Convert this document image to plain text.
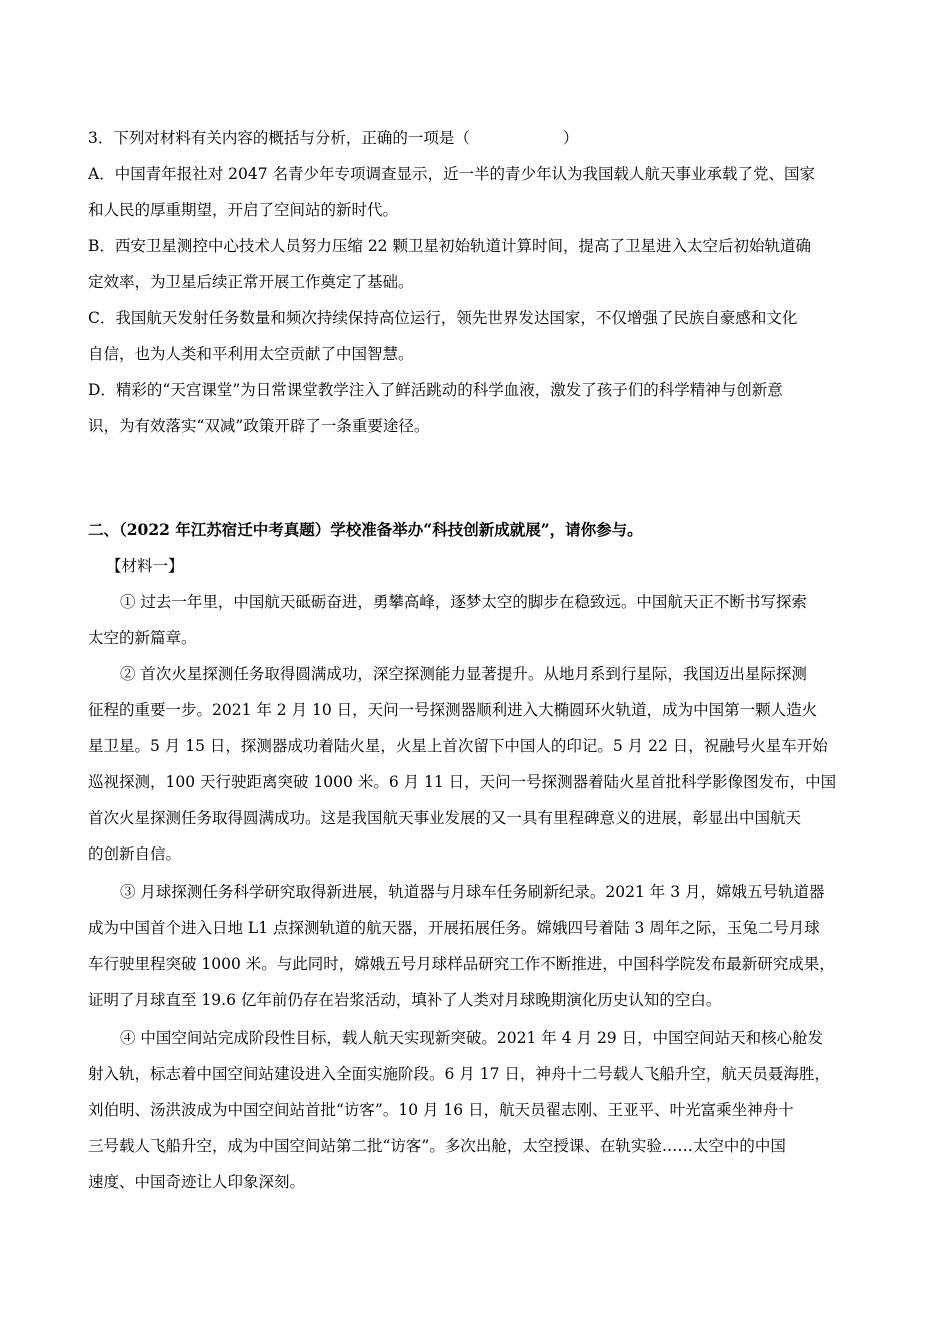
3．下列对材料有关内容的概括与分析，正确的一项是（　　　　　　）
A．中国青年报社对 2047 名青少年专项调查显示，近一半的青少年认为我国载人航天事业承载了党、国家
和人民的厚重期望，开启了空间站的新时代。
B．西安卫星测控中心技术人员努力压缩 22 颗卫星初始轨道计算时间，提高了卫星进入太空后初始轨道确
定效率，为卫星后续正常开展工作奠定了基础。
C．我国航天发射任务数量和频次持续保持高位运行，领先世界发达国家，不仅增强了民族自豪感和文化
自信，也为人类和平利用太空贡献了中国智慧。
D．精彩的“天宫课堂”为日常课堂教学注入了鲜活跳动的科学血液，激发了孩子们的科学精神与创新意
识，为有效落实“双减”政策开辟了一条重要途径。
二、（2022 年江苏宿迁中考真题）学校准备举办“科技创新成就展”，请你参与。
【材料一】
① 过去一年里，中国航天砥砺奋进，勇攀高峰，逐梦太空的脚步在稳致远。中国航天正不断书写探索
太空的新篇章。
② 首次火星探测任务取得圆满成功，深空探测能力显著提升。从地月系到行星际，我国迈出星际探测
征程的重要一步。2021 年 2 月 10 日，天问一号探测器顺利进入大椭圆环火轨道，成为中国第一颗人造火
星卫星。5 月 15 日，探测器成功着陆火星，火星上首次留下中国人的印记。5 月 22 日，祝融号火星车开始
巡视探测，100 天行驶距离突破 1000 米。6 月 11 日，天问一号探测器着陆火星首批科学影像图发布，中国
首次火星探测任务取得圆满成功。这是我国航天事业发展的又一具有里程碑意义的进展，彰显出中国航天
的创新自信。
③ 月球探测任务科学研究取得新进展，轨道器与月球车任务刷新纪录。2021 年 3 月，嫦娥五号轨道器
成为中国首个进入日地 L1 点探测轨道的航天器，开展拓展任务。嫦娥四号着陆 3 周年之际，玉兔二号月球
车行驶里程突破 1000 米。与此同时，嫦娥五号月球样品研究工作不断推进，中国科学院发布最新研究成果，
证明了月球直至 19.6 亿年前仍存在岩浆活动，填补了人类对月球晚期演化历史认知的空白。
④ 中国空间站完成阶段性目标，载人航天实现新突破。2021 年 4 月 29 日，中国空间站天和核心舱发
射入轨，标志着中国空间站建设进入全面实施阶段。6 月 17 日，神舟十二号载人飞船升空，航天员聂海胜，
刘伯明、汤洪波成为中国空间站首批“访客”。10 月 16 日，航天员翟志刚、王亚平、叶光富乘坐神舟十
三号载人飞船升空，成为中国空间站第二批“访客”。多次出舱，太空授课、在轨实验……太空中的中国
速度、中国奇迹让人印象深刻。
